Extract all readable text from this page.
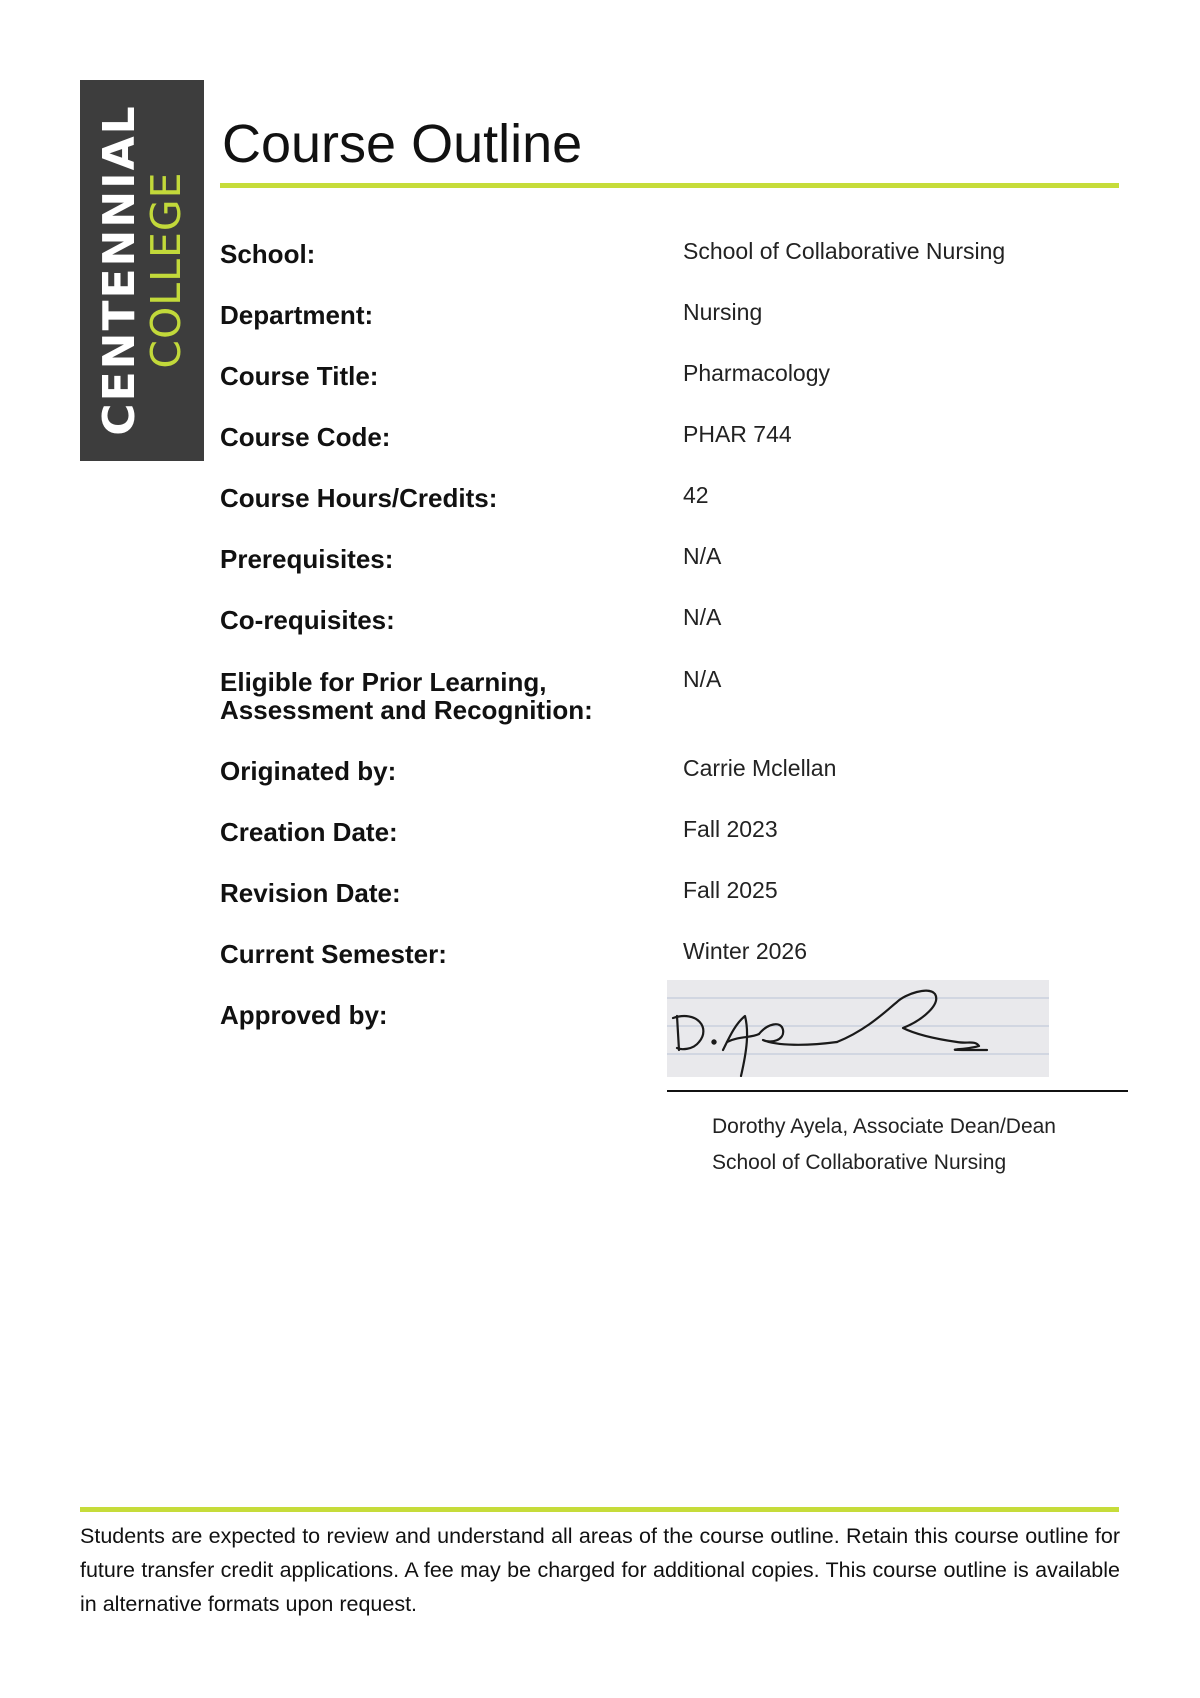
CENTENNIAL
COLLEGE
Course Outline
School:	School of Collaborative Nursing
Department:	Nursing
Course Title:	Pharmacology
Course Code:	PHAR 744
Course Hours/Credits:	42
Prerequisites:	N/A
Co-requisites:	N/A
Eligible for Prior Learning,
Assessment and Recognition:
N/A
Originated by:	Carrie Mclellan
Creation Date:	Fall 2023
Revision Date:	Fall 2025
Current Semester:	Winter 2026
Approved by:
Dorothy Ayela, Associate Dean/Dean
School of Collaborative Nursing

Students are expected to review and understand all areas of the course outline. Retain this course outline for future transfer credit applications. A fee may be charged for additional copies. This course outline is available in alternative formats upon request.
